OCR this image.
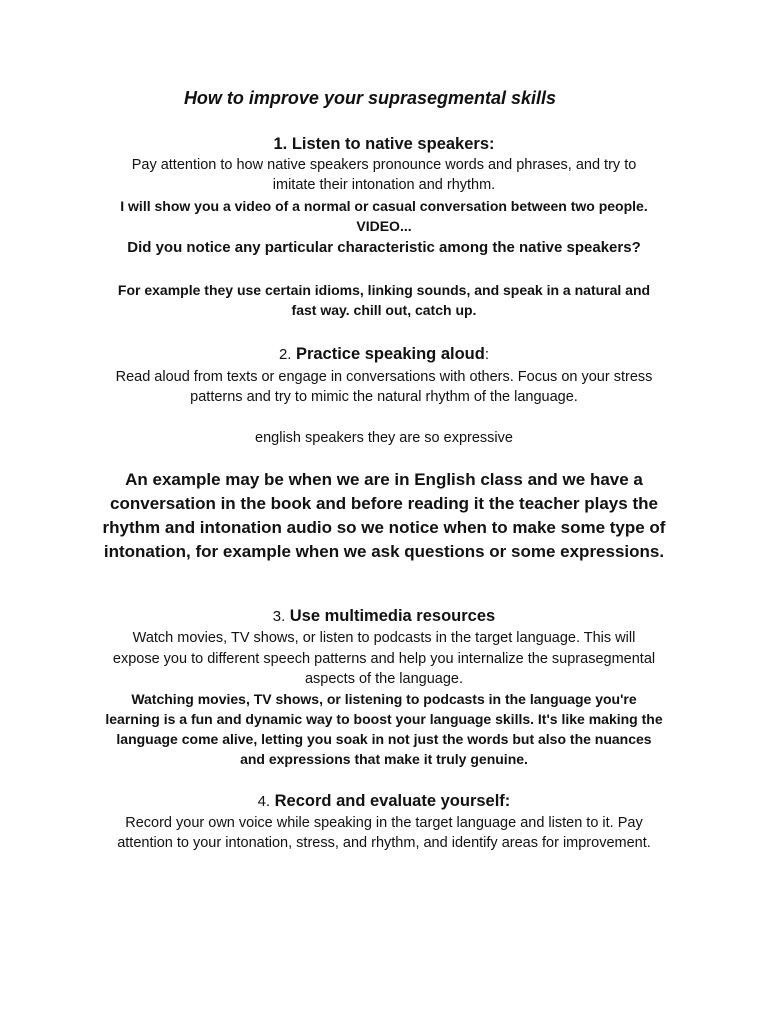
How to improve your suprasegmental skills
1. Listen to native speakers:
Pay attention to how native speakers pronounce words and phrases, and try to
imitate their intonation and rhythm.
I will show you a video of a normal or casual conversation between two people.
VIDEO...
Did you notice any particular characteristic among the native speakers?
For example they use certain idioms, linking sounds, and speak in a natural and
fast way. chill out, catch up.
2. Practice speaking aloud:
Read aloud from texts or engage in conversations with others. Focus on your stress
patterns and try to mimic the natural rhythm of the language.
english speakers they are so expressive
An example may be when we are in English class and we have a
conversation in the book and before reading it the teacher plays the
rhythm and intonation audio so we notice when to make some type of
intonation, for example when we ask questions or some expressions.
3. Use multimedia resources
Watch movies, TV shows, or listen to podcasts in the target language. This will
expose you to different speech patterns and help you internalize the suprasegmental
aspects of the language.
Watching movies, TV shows, or listening to podcasts in the language you're
learning is a fun and dynamic way to boost your language skills. It's like making the
language come alive, letting you soak in not just the words but also the nuances
and expressions that make it truly genuine.
4. Record and evaluate yourself:
Record your own voice while speaking in the target language and listen to it. Pay
attention to your intonation, stress, and rhythm, and identify areas for improvement.
